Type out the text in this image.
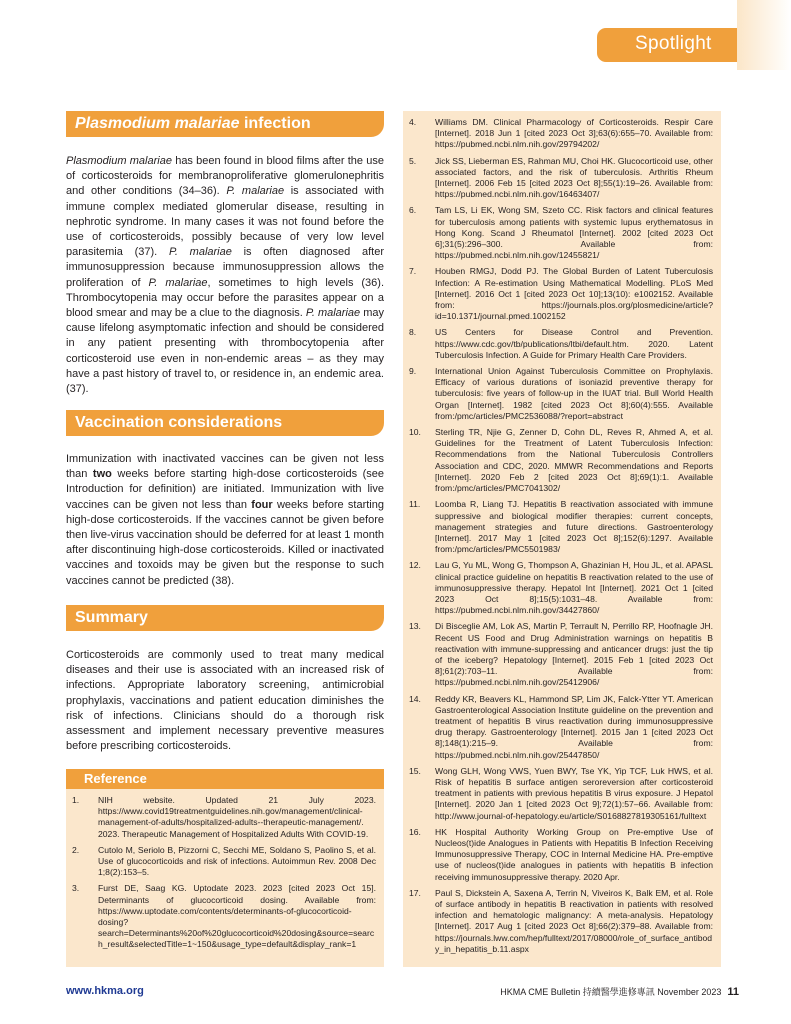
Spotlight
Plasmodium malariae infection

Plasmodium malariae has been found in blood films after the use of corticosteroids for membranoproliferative glomerulonephritis and other conditions (34–36). P. malariae is associated with immune complex mediated glomerular disease, resulting in nephrotic syndrome. In many cases it was not found before the use of corticosteroids, possibly because of very low level parasitemia (37). P. malariae is often diagnosed after immunosuppression because immunosuppression allows the proliferation of P. malariae, sometimes to high levels (36). Thrombocytopenia may occur before the parasites appear on a blood smear and may be a clue to the diagnosis. P. malariae may cause lifelong asymptomatic infection and should be considered in any patient presenting with thrombocytopenia after corticosteroid use even in non-endemic areas – as they may have a past history of travel to, or residence in, an endemic area. (37).

Vaccination considerations

Immunization with inactivated vaccines can be given not less than two weeks before starting high-dose corticosteroids (see Introduction for definition) are initiated. Immunization with live vaccines can be given not less than four weeks before starting high-dose corticosteroids. If the vaccines cannot be given before then live-virus vaccination should be deferred for at least 1 month after discontinuing high-dose corticosteroids. Killed or inactivated vaccines and toxoids may be given but the response to such vaccines cannot be predicted (38).

Summary

Corticosteroids are commonly used to treat many medical diseases and their use is associated with an increased risk of infections. Appropriate laboratory screening, antimicrobial prophylaxis, vaccinations and patient education diminishes the risk of infections. Clinicians should do a thorough risk assessment and implement necessary preventive measures before prescribing corticosteroids.

Reference
1. NIH website. Updated 21 July 2023. https://www.covid19treatmentguidelines.nih.gov/management/clinical-management-of-adults/hospitalized-adults--therapeutic-management/. 2023. Therapeutic Management of Hospitalized Adults With COVID-19.
2. Cutolo M, Seriolo B, Pizzorni C, Secchi ME, Soldano S, Paolino S, et al. Use of glucocorticoids and risk of infections. Autoimmun Rev. 2008 Dec 1;8(2):153–5.
3. Furst DE, Saag KG. Uptodate 2023. 2023 [cited 2023 Oct 15]. Determinants of glucocorticoid dosing. Available from: https://www.uptodate.com/contents/determinants-of-glucocorticoid-dosing?search=Determinants%20of%20glucocorticoid%20dosing&source=search_result&selectedTitle=1~150&usage_type=default&display_rank=1
4. Williams DM. Clinical Pharmacology of Corticosteroids. Respir Care [Internet]. 2018 Jun 1 [cited 2023 Oct 3];63(6):655–70. Available from: https://pubmed.ncbi.nlm.nih.gov/29794202/
5. Jick SS, Lieberman ES, Rahman MU, Choi HK. Glucocorticoid use, other associated factors, and the risk of tuberculosis. Arthritis Rheum [Internet]. 2006 Feb 15 [cited 2023 Oct 8];55(1):19–26. Available from: https://pubmed.ncbi.nlm.nih.gov/16463407/
6. Tam LS, Li EK, Wong SM, Szeto CC. Risk factors and clinical features for tuberculosis among patients with systemic lupus erythematosus in Hong Kong. Scand J Rheumatol [Internet]. 2002 [cited 2023 Oct 6];31(5):296–300. Available from: https://pubmed.ncbi.nlm.nih.gov/12455821/
7. Houben RMGJ, Dodd PJ. The Global Burden of Latent Tuberculosis Infection: A Re-estimation Using Mathematical Modelling. PLoS Med [Internet]. 2016 Oct 1 [cited 2023 Oct 10];13(10): e1002152. Available from: https://journals.plos.org/plosmedicine/article?id=10.1371/journal.pmed.1002152
8. US Centers for Disease Control and Prevention. https://www.cdc.gov/tb/publications/ltbi/default.htm. 2020. Latent Tuberculosis Infection. A Guide for Primary Health Care Providers.
9. International Union Against Tuberculosis Committee on Prophylaxis. Efficacy of various durations of isoniazid preventive therapy for tuberculosis: five years of follow-up in the IUAT trial. Bull World Health Organ [Internet]. 1982 [cited 2023 Oct 8];60(4):555. Available from:/pmc/articles/PMC2536088/?report=abstract
10. Sterling TR, Njie G, Zenner D, Cohn DL, Reves R, Ahmed A, et al. Guidelines for the Treatment of Latent Tuberculosis Infection: Recommendations from the National Tuberculosis Controllers Association and CDC, 2020. MMWR Recommendations and Reports [Internet]. 2020 Feb 2 [cited 2023 Oct 8];69(1):1. Available from:/pmc/articles/PMC7041302/
11. Loomba R, Liang TJ. Hepatitis B reactivation associated with immune suppressive and biological modifier therapies: current concepts, management strategies and future directions. Gastroenterology [Internet]. 2017 May 1 [cited 2023 Oct 8];152(6):1297. Available from:/pmc/articles/PMC5501983/
12. Lau G, Yu ML, Wong G, Thompson A, Ghazinian H, Hou JL, et al. APASL clinical practice guideline on hepatitis B reactivation related to the use of immunosuppressive therapy. Hepatol Int [Internet]. 2021 Oct 1 [cited 2023 Oct 8];15(5):1031–48. Available from: https://pubmed.ncbi.nlm.nih.gov/34427860/
13. Di Bisceglie AM, Lok AS, Martin P, Terrault N, Perrillo RP, Hoofnagle JH. Recent US Food and Drug Administration warnings on hepatitis B reactivation with immune-suppressing and anticancer drugs: just the tip of the iceberg? Hepatology [Internet]. 2015 Feb 1 [cited 2023 Oct 8];61(2):703–11. Available from: https://pubmed.ncbi.nlm.nih.gov/25412906/
14. Reddy KR, Beavers KL, Hammond SP, Lim JK, Falck-Ytter YT. American Gastroenterological Association Institute guideline on the prevention and treatment of hepatitis B virus reactivation during immunosuppressive drug therapy. Gastroenterology [Internet]. 2015 Jan 1 [cited 2023 Oct 8];148(1):215–9. Available from: https://pubmed.ncbi.nlm.nih.gov/25447850/
15. Wong GLH, Wong VWS, Yuen BWY, Tse YK, Yip TCF, Luk HWS, et al. Risk of hepatitis B surface antigen seroreversion after corticosteroid treatment in patients with previous hepatitis B virus exposure. J Hepatol [Internet]. 2020 Jan 1 [cited 2023 Oct 9];72(1):57–66. Available from: http://www.journal-of-hepatology.eu/article/S0168827819305161/fulltext
16. HK Hospital Authority Working Group on Pre-emptive Use of Nucleos(t)ide Analogues in Patients with Hepatitis B Infection Receiving Immunosuppressive Therapy, COC in Internal Medicine HA. Pre-emptive use of nucleos(t)ide analogues in patients with hepatitis B infection receiving immunosuppressive therapy. 2020 Apr.
17. Paul S, Dickstein A, Saxena A, Terrin N, Viveiros K, Balk EM, et al. Role of surface antibody in hepatitis B reactivation in patients with resolved infection and hematologic malignancy: A meta-analysis. Hepatology [Internet]. 2017 Aug 1 [cited 2023 Oct 8];66(2):379–88. Available from: https://journals.lww.com/hep/fulltext/2017/08000/role_of_surface_antibody_in_hepatitis_b.11.aspx
www.hkma.org	HKMA CME Bulletin 持續醫學進修專訊 November 2023 11
